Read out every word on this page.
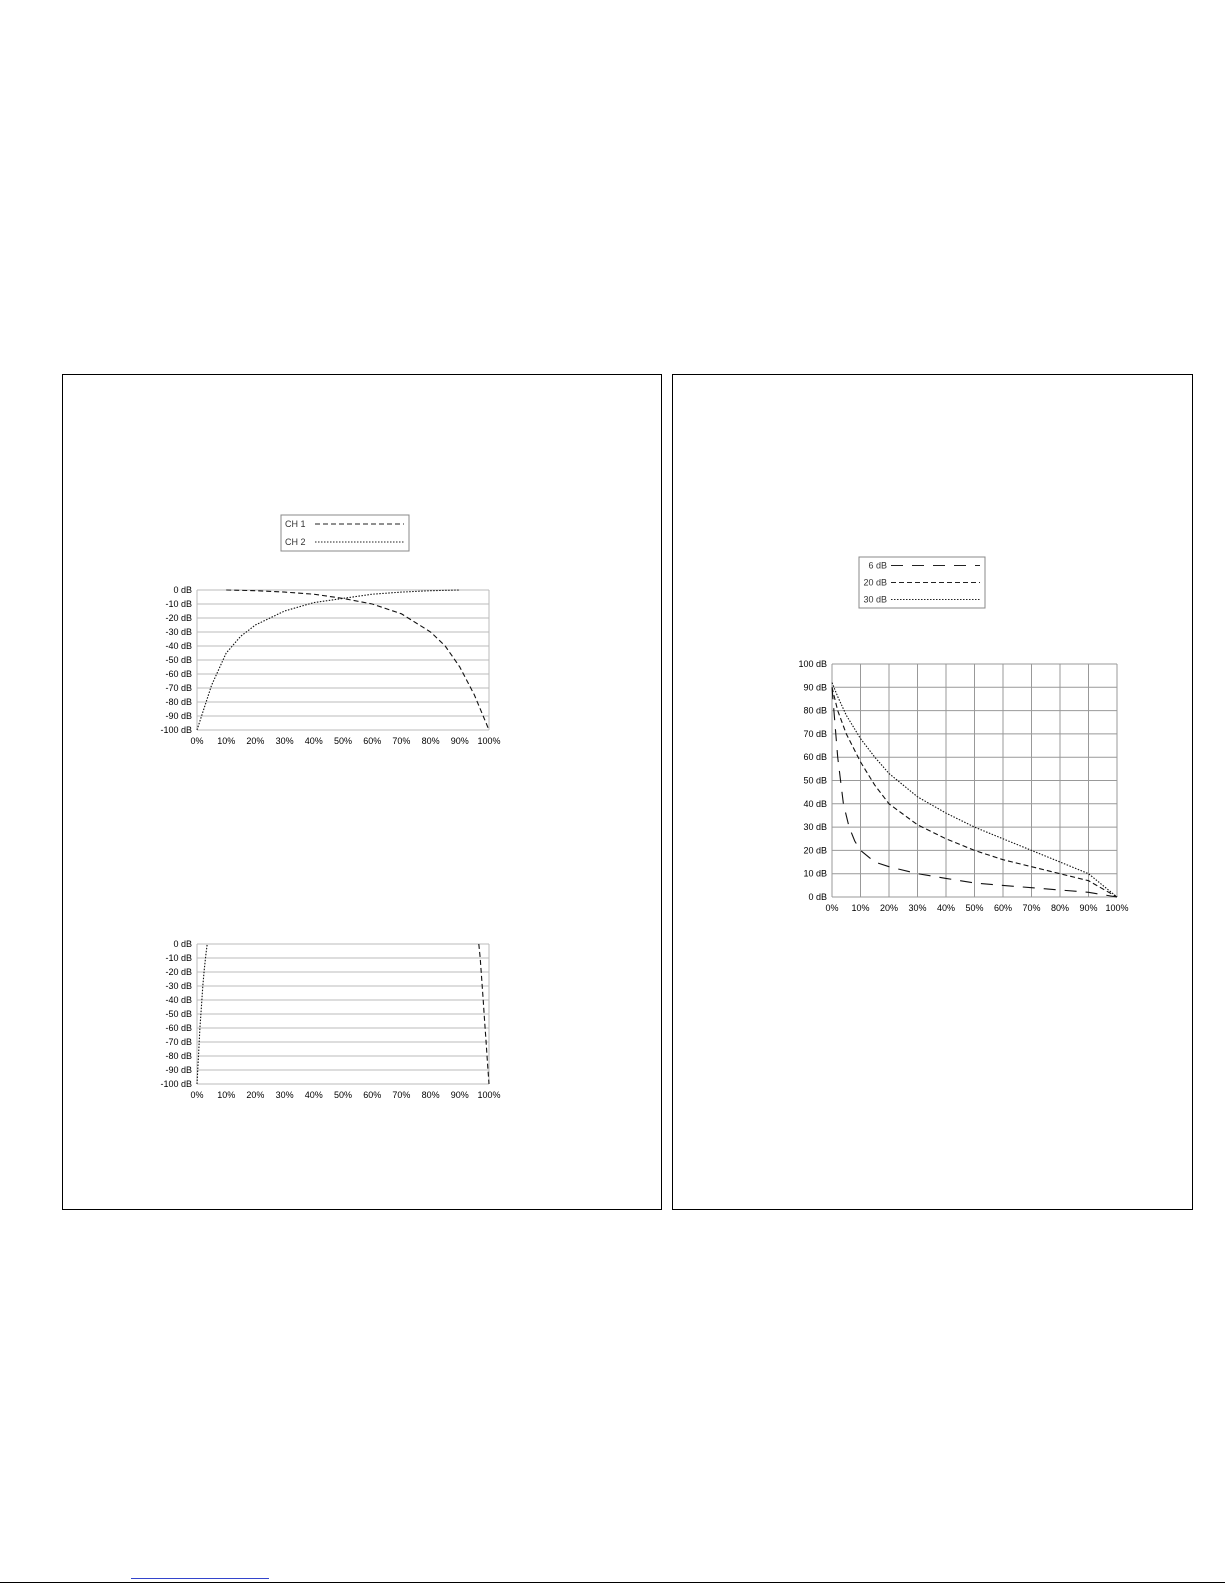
CH 1
CH 2
0 dB
-10 dB
-20 dB
-30 dB
-40 dB
-50 dB
-60 dB
-70 dB
-80 dB
-90 dB
-100 dB
0% 10% 20% 30% 40% 50% 60% 70% 80% 90% 100%
0 dB
-10 dB
-20 dB
-30 dB
-40 dB
-50 dB
-60 dB
-70 dB
-80 dB
-90 dB
-100 dB
0% 10% 20% 30% 40% 50% 60% 70% 80% 90% 100%
6 dB
20 dB
30 dB
100 dB
90 dB
80 dB
70 dB
60 dB
50 dB
40 dB
30 dB
20 dB
10 dB
0 dB
0% 10% 20% 30% 40% 50% 60% 70% 80% 90% 100%
